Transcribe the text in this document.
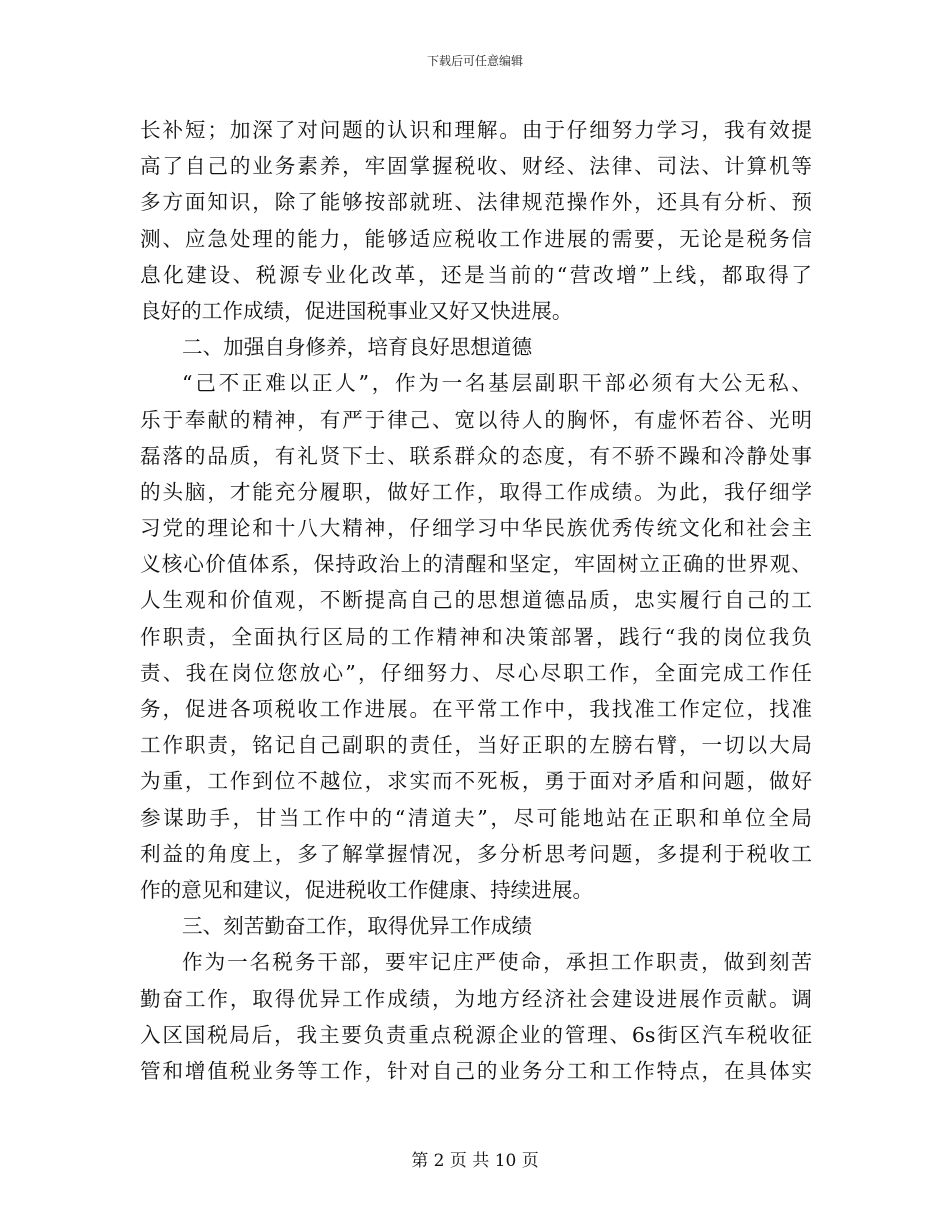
下载后可任意编辑
长补短；加深了对问题的认识和理解。由于仔细努力学习，我有效提
高了自己的业务素养，牢固掌握税收、财经、法律、司法、计算机等
多方面知识，除了能够按部就班、法律规范操作外，还具有分析、预
测、应急处理的能力，能够适应税收工作进展的需要，无论是税务信
息化建设、税源专业化改革，还是当前的“营改增”上线，都取得了
良好的工作成绩，促进国税事业又好又快进展。
二、加强自身修养，培育良好思想道德
“己不正难以正人”，作为一名基层副职干部必须有大公无私、
乐于奉献的精神，有严于律己、宽以待人的胸怀，有虚怀若谷、光明
磊落的品质，有礼贤下士、联系群众的态度，有不骄不躁和冷静处事
的头脑，才能充分履职，做好工作，取得工作成绩。为此，我仔细学
习党的理论和十八大精神，仔细学习中华民族优秀传统文化和社会主
义核心价值体系，保持政治上的清醒和坚定，牢固树立正确的世界观、
人生观和价值观，不断提高自己的思想道德品质，忠实履行自己的工
作职责，全面执行区局的工作精神和决策部署，践行“我的岗位我负
责、我在岗位您放心”，仔细努力、尽心尽职工作，全面完成工作任
务，促进各项税收工作进展。在平常工作中，我找准工作定位，找准
工作职责，铭记自己副职的责任，当好正职的左膀右臂，一切以大局
为重，工作到位不越位，求实而不死板，勇于面对矛盾和问题，做好
参谋助手，甘当工作中的“清道夫”，尽可能地站在正职和单位全局
利益的角度上，多了解掌握情况，多分析思考问题，多提利于税收工
作的意见和建议，促进税收工作健康、持续进展。
三、刻苦勤奋工作，取得优异工作成绩
作为一名税务干部，要牢记庄严使命，承担工作职责，做到刻苦
勤奋工作，取得优异工作成绩，为地方经济社会建设进展作贡献。调
入区国税局后，我主要负责重点税源企业的管理、6s街区汽车税收征
管和增值税业务等工作，针对自己的业务分工和工作特点，在具体实
第 2 页 共 10 页
